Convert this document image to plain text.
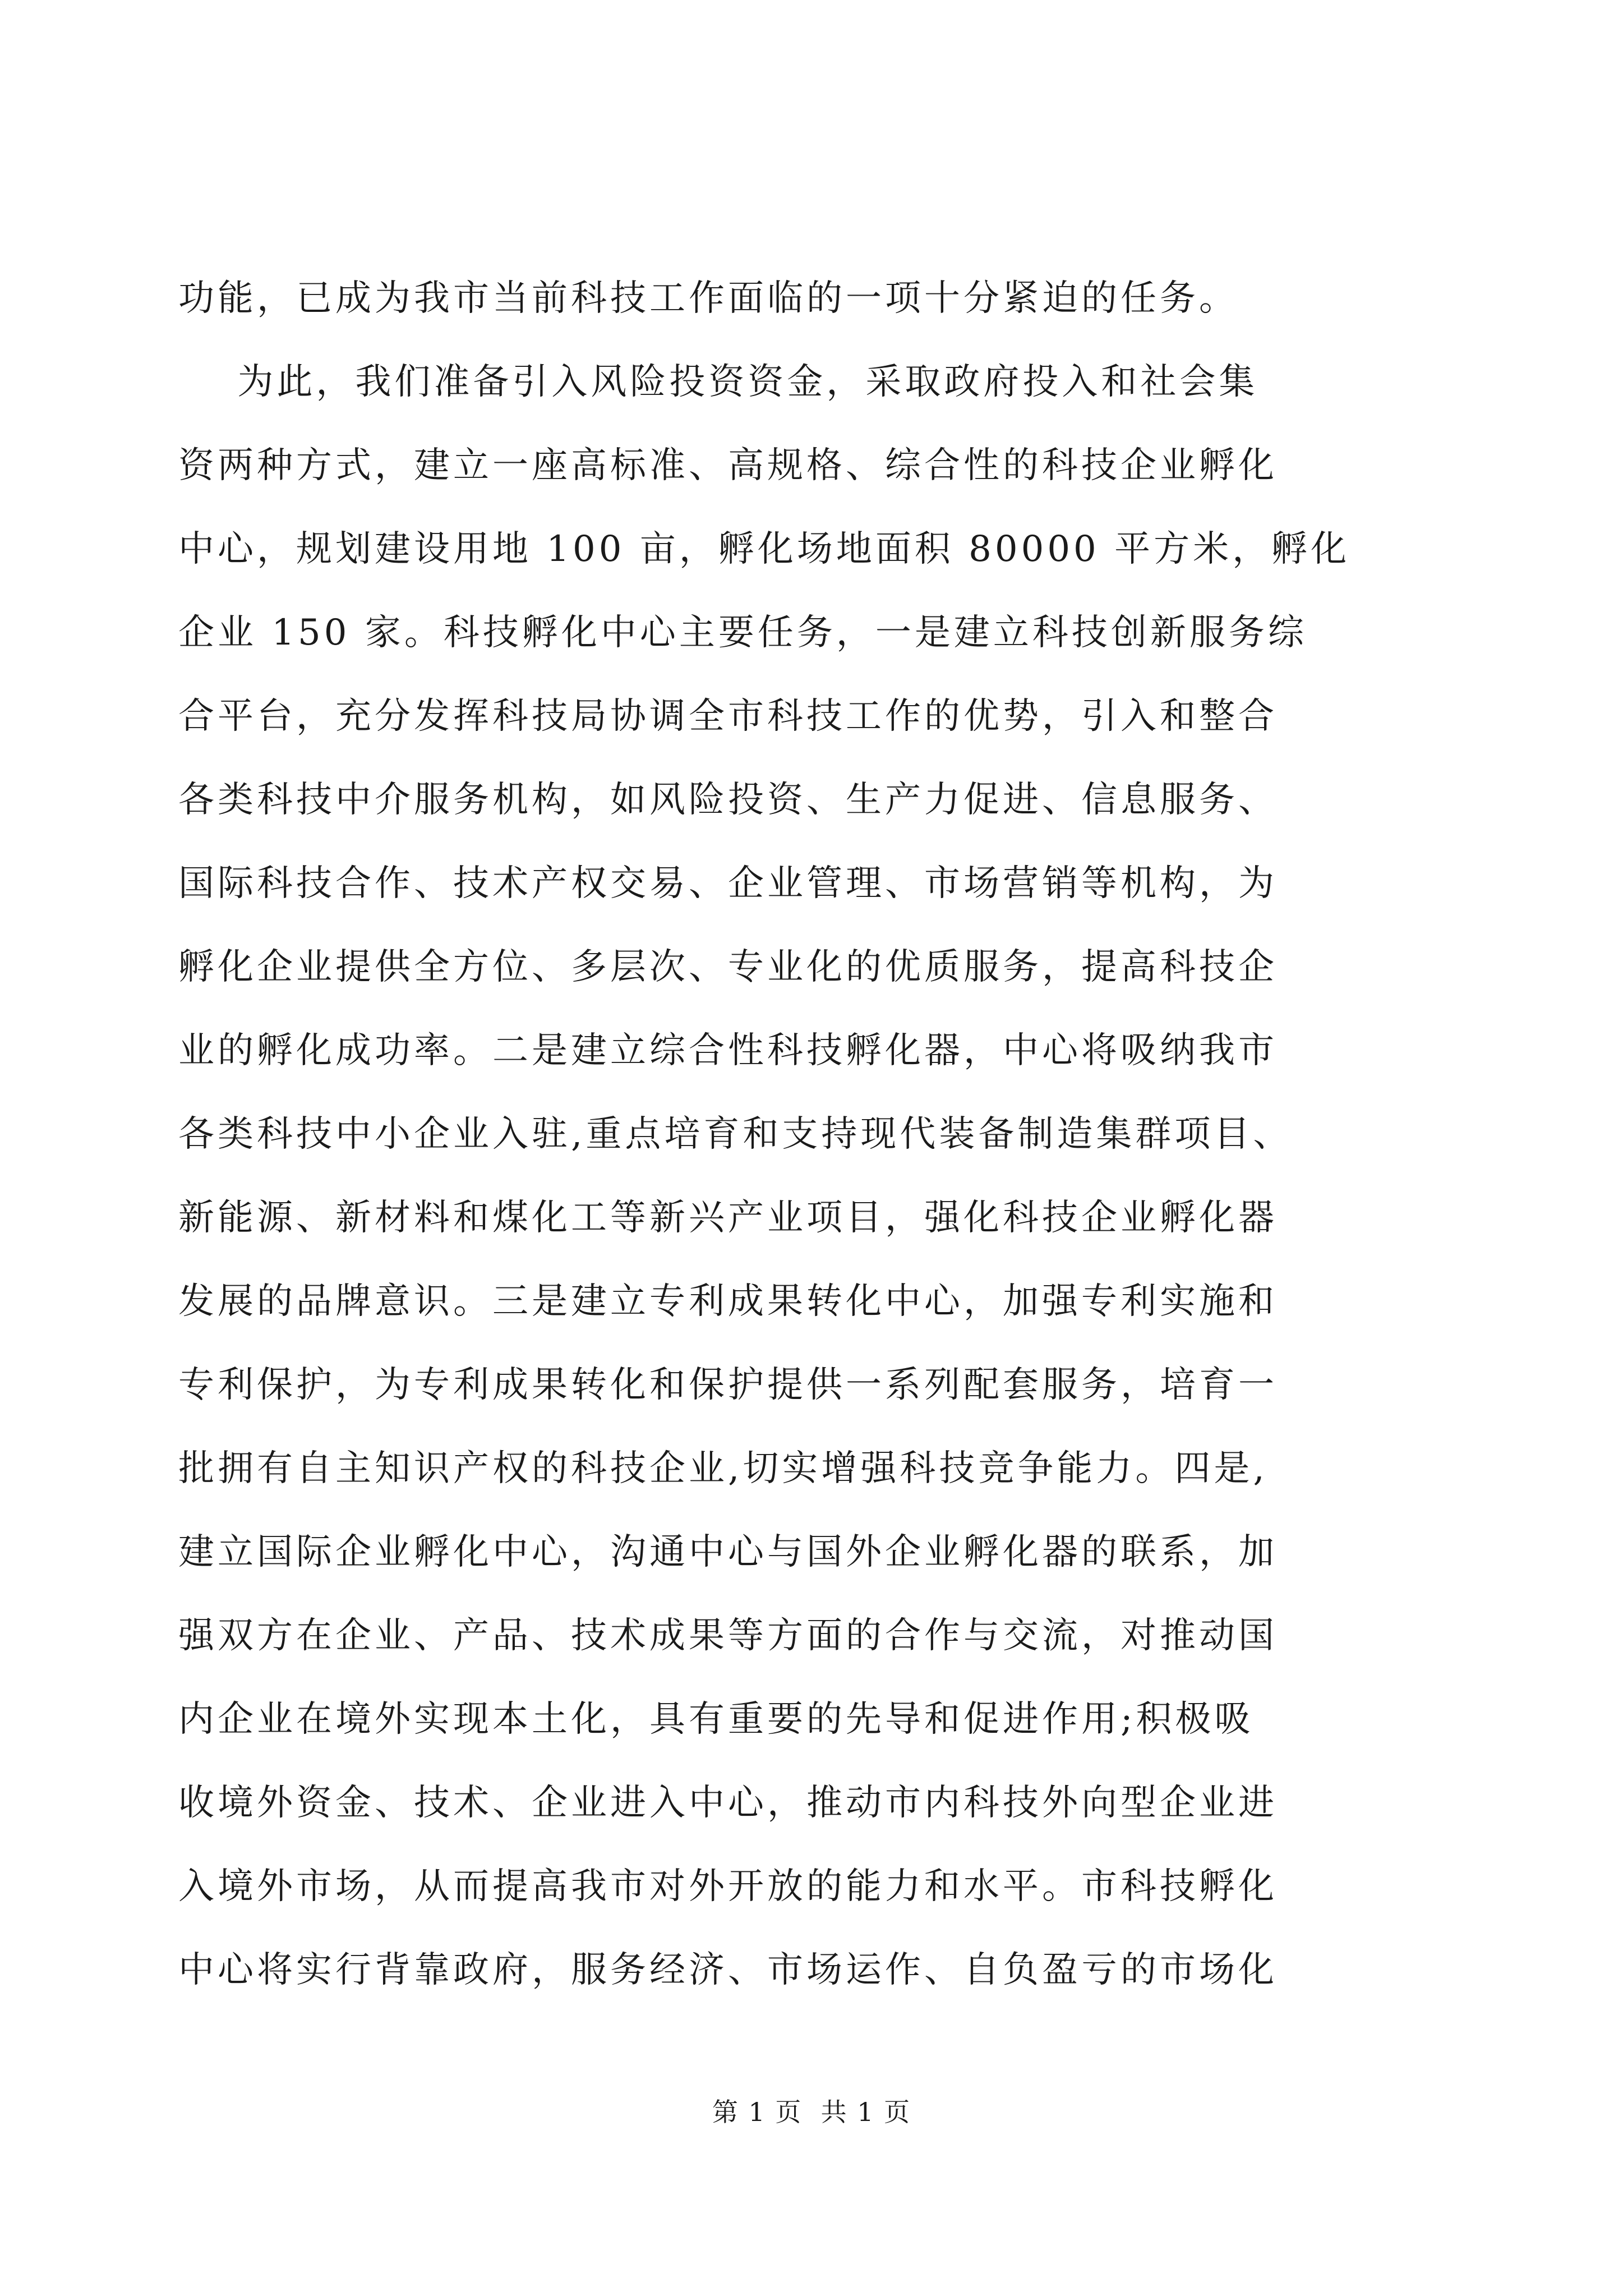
功能，已成为我市当前科技工作面临的一项十分紧迫的任务。
为此，我们准备引入风险投资资金，采取政府投入和社会集
资两种方式，建立一座高标准、高规格、综合性的科技企业孵化
中心，规划建设用地 100 亩，孵化场地面积 80000 平方米，孵化
企业 150 家。科技孵化中心主要任务，一是建立科技创新服务综
合平台，充分发挥科技局协调全市科技工作的优势，引入和整合
各类科技中介服务机构，如风险投资、生产力促进、信息服务、
国际科技合作、技术产权交易、企业管理、市场营销等机构，为
孵化企业提供全方位、多层次、专业化的优质服务，提高科技企
业的孵化成功率。二是建立综合性科技孵化器，中心将吸纳我市
各类科技中小企业入驻,重点培育和支持现代装备制造集群项目、
新能源、新材料和煤化工等新兴产业项目，强化科技企业孵化器
发展的品牌意识。三是建立专利成果转化中心，加强专利实施和
专利保护，为专利成果转化和保护提供一系列配套服务，培育一
批拥有自主知识产权的科技企业,切实增强科技竞争能力。四是,
建立国际企业孵化中心，沟通中心与国外企业孵化器的联系，加
强双方在企业、产品、技术成果等方面的合作与交流，对推动国
内企业在境外实现本土化，具有重要的先导和促进作用;积极吸
收境外资金、技术、企业进入中心，推动市内科技外向型企业进
入境外市场，从而提高我市对外开放的能力和水平。市科技孵化
中心将实行背靠政府，服务经济、市场运作、自负盈亏的市场化
第 1 页  共 1 页
